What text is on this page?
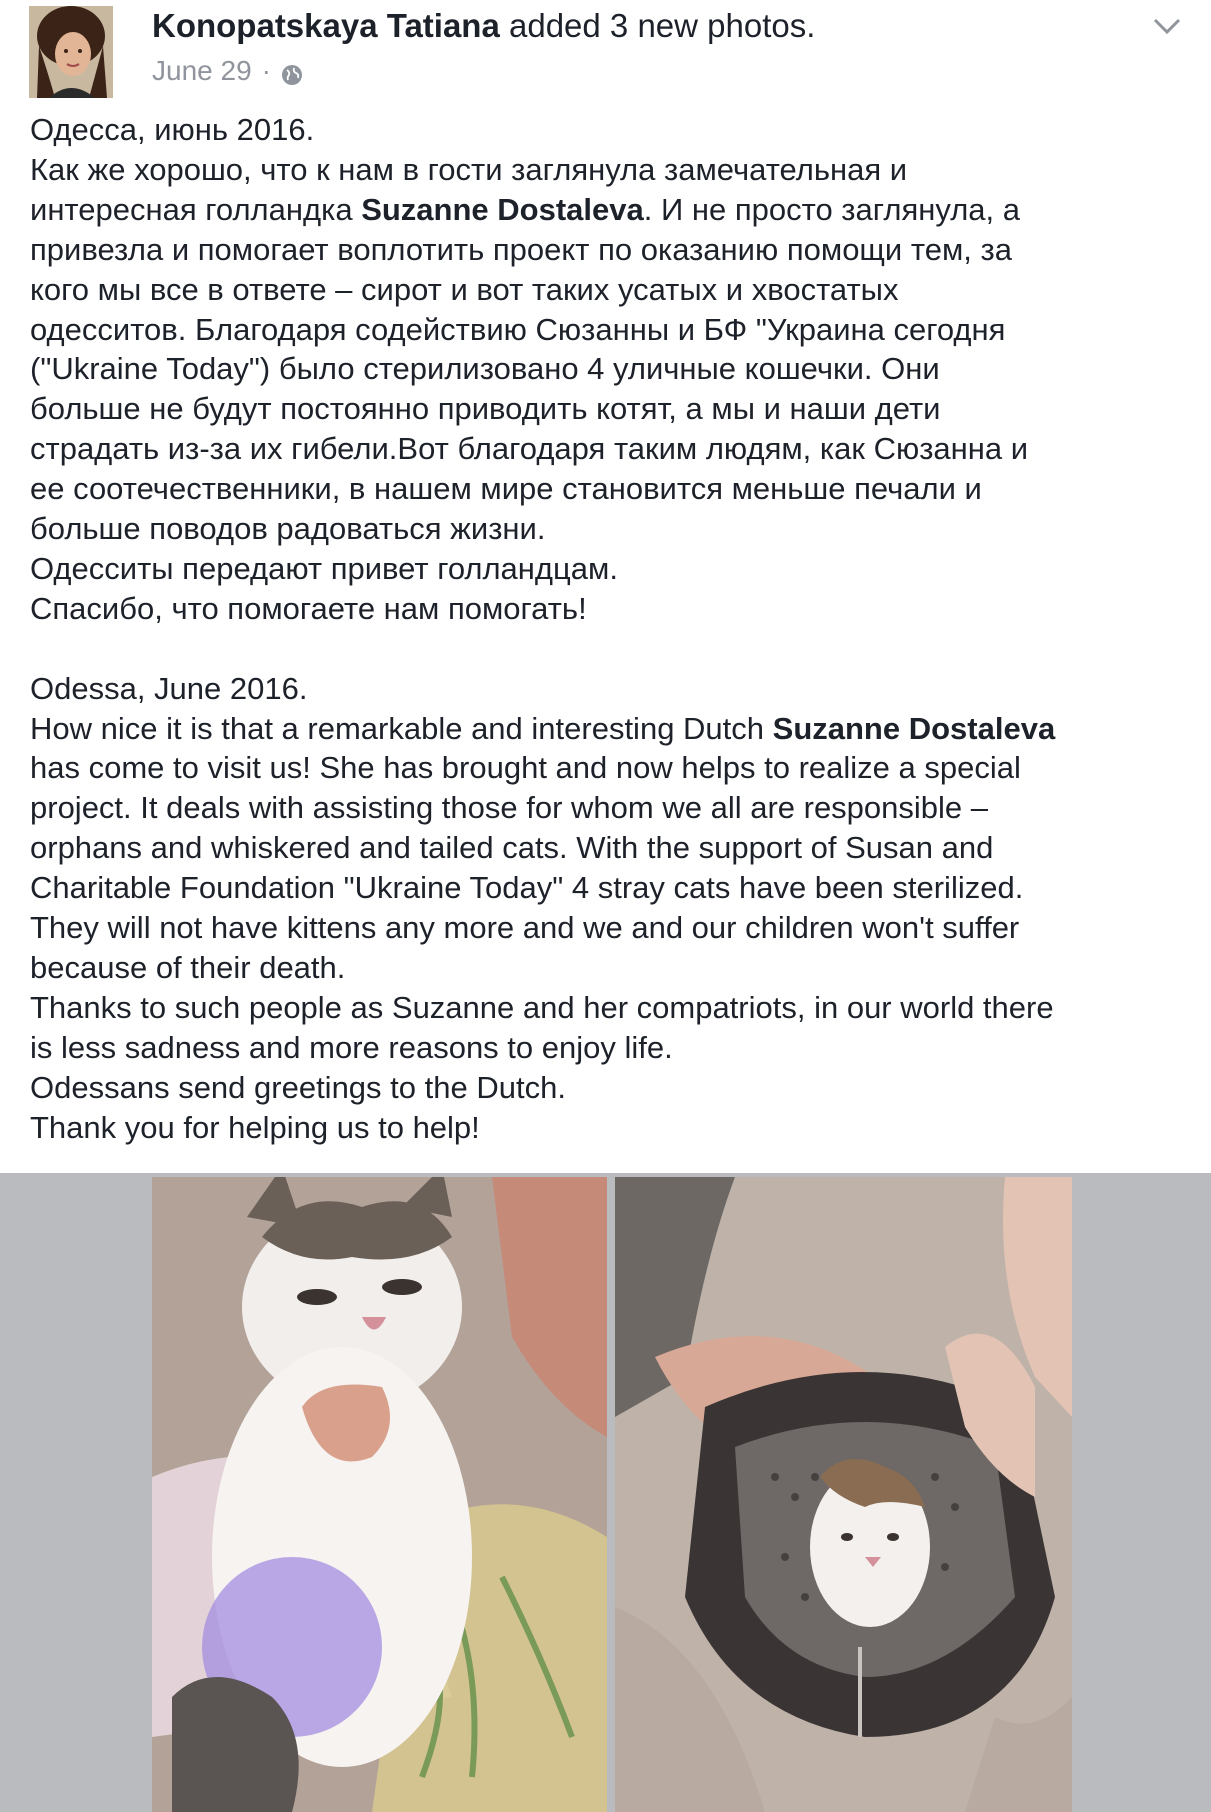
Konopatskaya Tatiana added 3 new photos.
June 29 ·
Одесса, июнь 2016.
Как же хорошо, что к нам в гости заглянула замечательная и
интересная голландка Suzanne Dostaleva. И не просто заглянула, а
привезла и помогает воплотить проект по оказанию помощи тем, за
кого мы все в ответе – сирот и вот таких усатых и хвостатых
одесситов. Благодаря содействию Сюзанны и БФ "Украина сегодня
("Ukraine Today") было стерилизовано 4 уличные кошечки. Они
больше не будут постоянно приводить котят, а мы и наши дети
страдать из-за их гибели.Вот благодаря таким людям, как Сюзанна и
ее соотечественники, в нашем мире становится меньше печали и
больше поводов радоваться жизни.
Одесситы передают привет голландцам.
Спасибо, что помогаете нам помогать!
Odessa, June 2016.
How nice it is that a remarkable and interesting Dutch Suzanne Dostaleva
has come to visit us! She has brought and now helps to realize a special
project. It deals with assisting those for whom we all are responsible –
orphans and whiskered and tailed cats. With the support of Susan and
Charitable Foundation "Ukraine Today" 4 stray cats have been sterilized.
They will not have kittens any more and we and our children won't suffer
because of their death.
Thanks to such people as Suzanne and her compatriots, in our world there
is less sadness and more reasons to enjoy life.
Odessans send greetings to the Dutch.
Thank you for helping us to help!
